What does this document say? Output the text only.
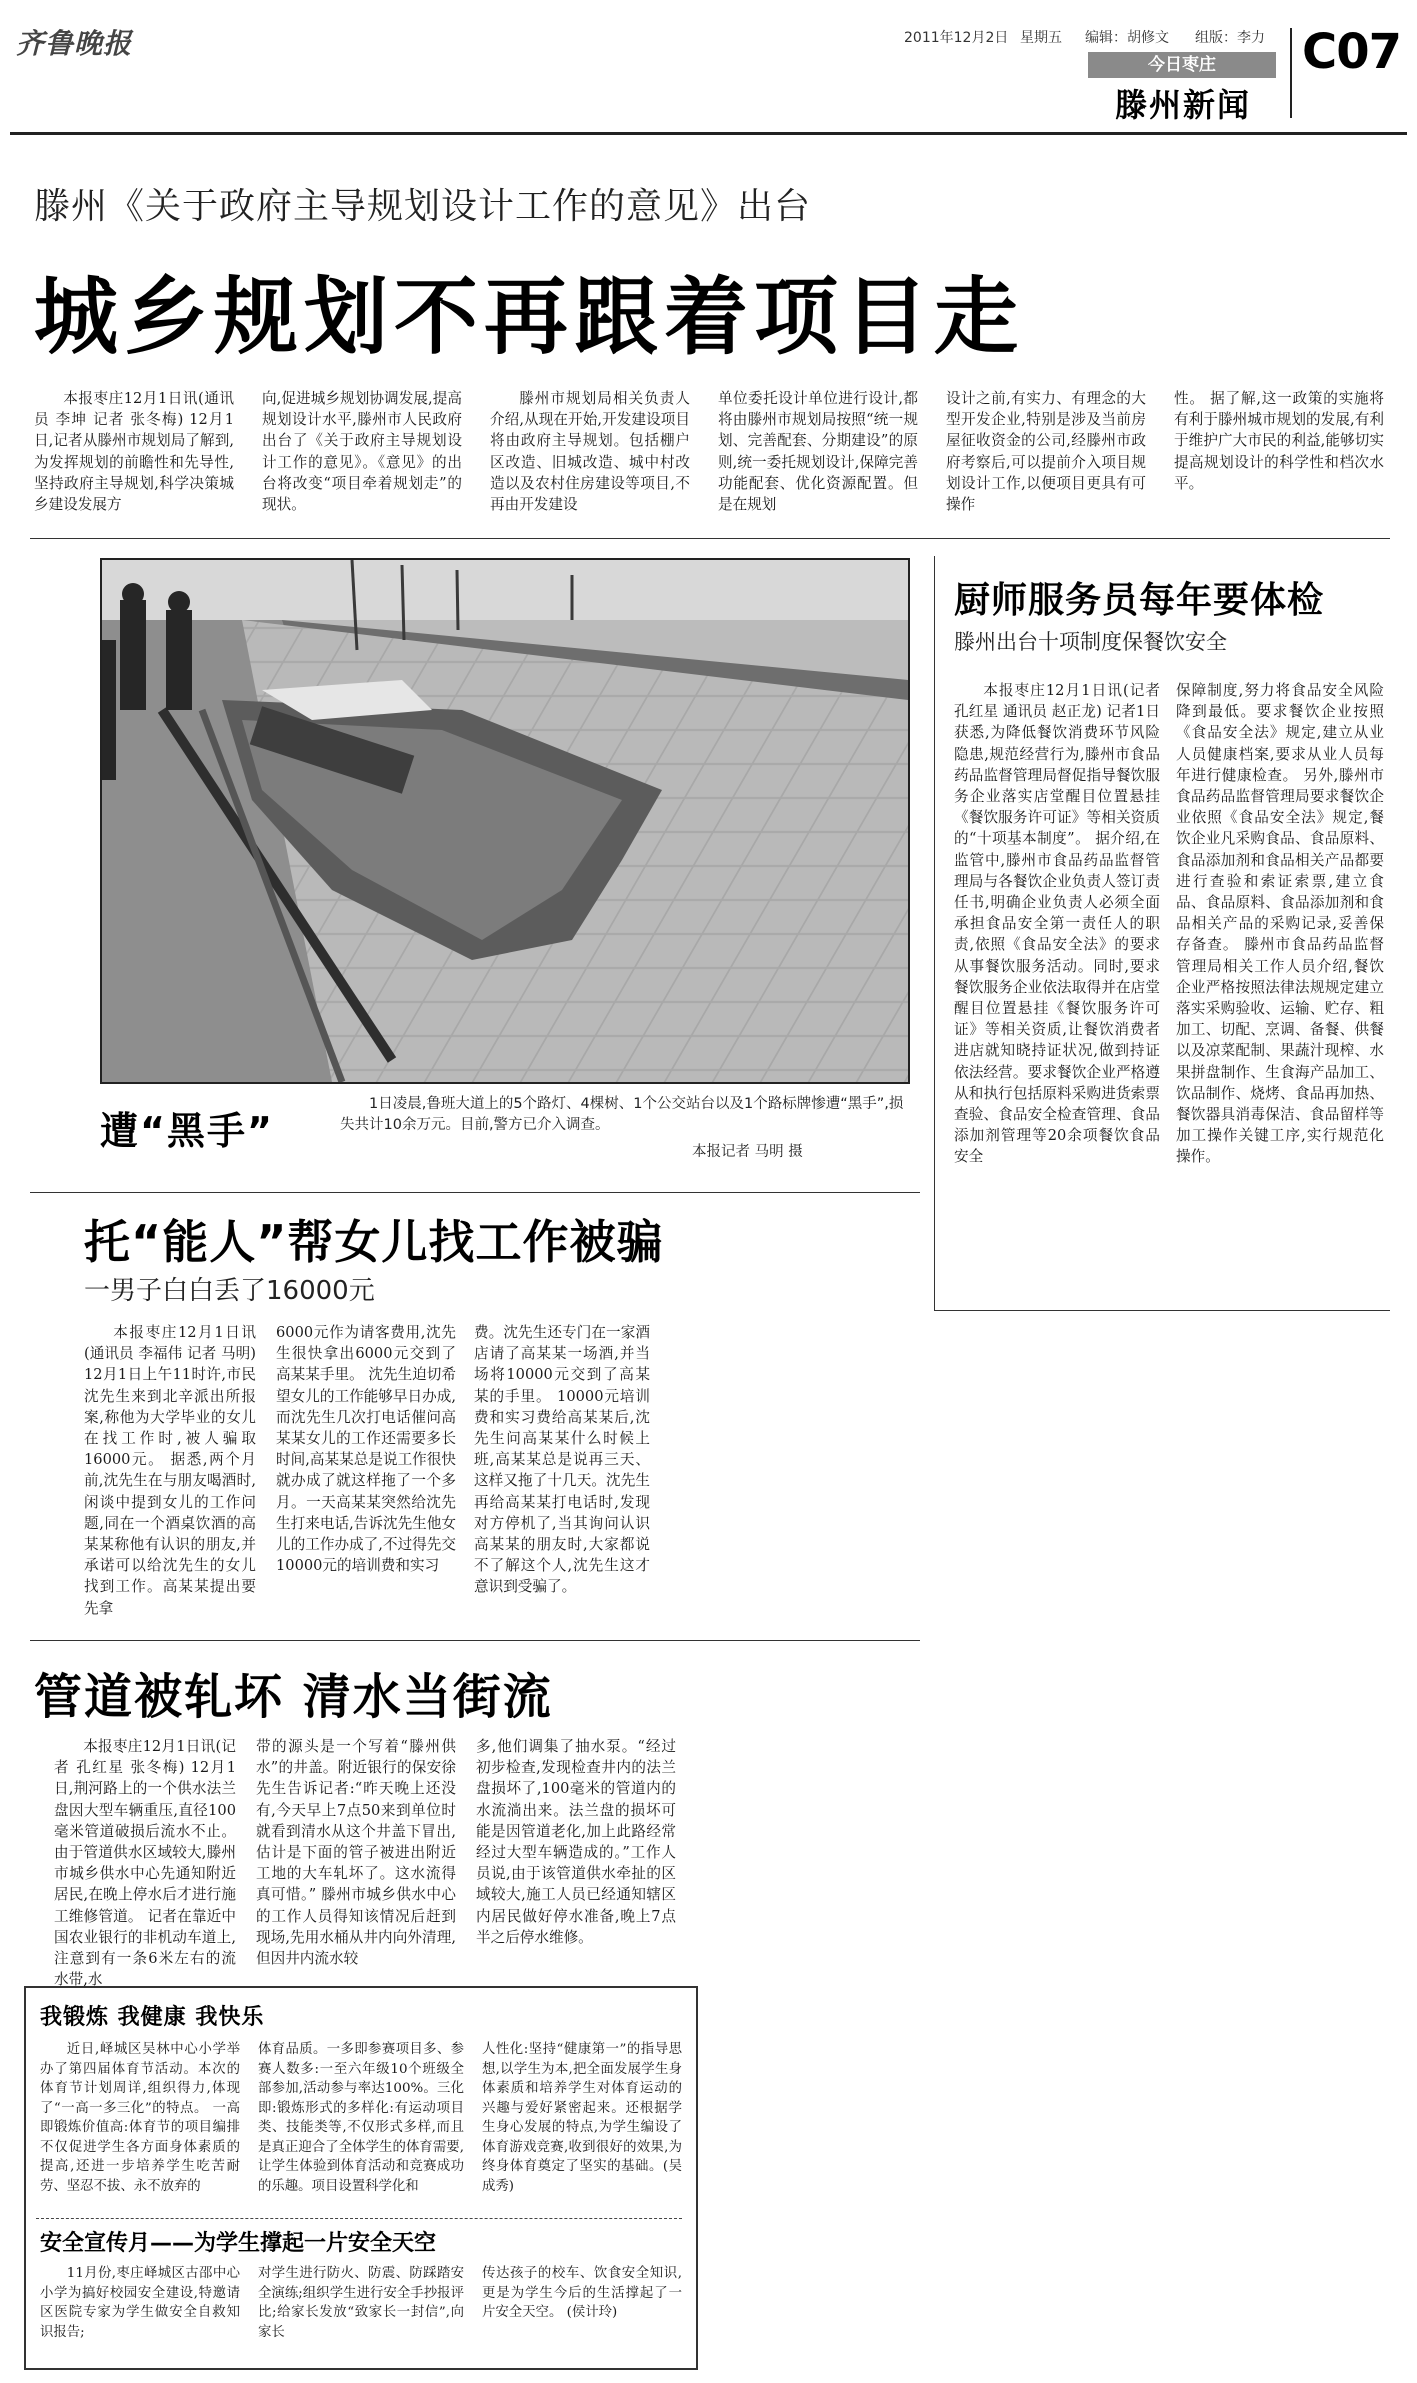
齐鲁晚报	2011年12月2日 星期五 编辑：胡修文 组版：李力
今日枣庄
滕州新闻
C07
滕州《关于政府主导规划设计工作的意见》出台
城乡规划不再跟着项目走

本报枣庄12月1日讯(通讯员 李坤 记者 张冬梅) 12月1日,记者从滕州市规划局了解到,为发挥规划的前瞻性和先导性,坚持政府主导规划,科学决策城乡建设发展方

向,促进城乡规划协调发展,提高规划设计水平,滕州市人民政府出台了《关于政府主导规划设计工作的意见》。《意见》的出台将改变“项目牵着规划走”的现状。

滕州市规划局相关负责人介绍,从现在开始,开发建设项目将由政府主导规划。包括棚户区改造、旧城改造、城中村改造以及农村住房建设等项目,不再由开发建设

单位委托设计单位进行设计,都将由滕州市规划局按照“统一规划、完善配套、分期建设”的原则,统一委托规划设计,保障完善功能配套、优化资源配置。但是在规划

设计之前,有实力、有理念的大型开发企业,特别是涉及当前房屋征收资金的公司,经滕州市政府考察后,可以提前介入项目规划设计工作,以便项目更具有可操作

性。 据了解,这一政策的实施将有利于滕州城市规划的发展,有利于维护广大市民的利益,能够切实提高规划设计的科学性和档次水平。

遭“黑手”
1日凌晨,鲁班大道上的5个路灯、4棵树、1个公交站台以及1个路标牌惨遭“黑手”,损失共计10余万元。目前,警方已介入调查。
本报记者 马明 摄
厨师服务员每年要体检
滕州出台十项制度保餐饮安全

本报枣庄12月1日讯(记者 孔红星 通讯员 赵正龙) 记者1日获悉,为降低餐饮消费环节风险隐患,规范经营行为,滕州市食品药品监督管理局督促指导餐饮服务企业落实店堂醒目位置悬挂《餐饮服务许可证》等相关资质的“十项基本制度”。 据介绍,在监管中,滕州市食品药品监督管理局与各餐饮企业负责人签订责任书,明确企业负责人必须全面承担食品安全第一责任人的职责,依照《食品安全法》的要求从事餐饮服务活动。同时,要求餐饮服务企业依法取得并在店堂醒目位置悬挂《餐饮服务许可证》等相关资质,让餐饮消费者进店就知晓持证状况,做到持证依法经营。要求餐饮企业严格遵从和执行包括原料采购进货索票查验、食品安全检查管理、食品添加剂管理等20余项餐饮食品安全

保障制度,努力将食品安全风险降到最低。要求餐饮企业按照《食品安全法》规定,建立从业人员健康档案,要求从业人员每年进行健康检查。 另外,滕州市食品药品监督管理局要求餐饮企业依照《食品安全法》规定,餐饮企业凡采购食品、食品原料、食品添加剂和食品相关产品都要进行查验和索证索票,建立食品、食品原料、食品添加剂和食品相关产品的采购记录,妥善保存备查。 滕州市食品药品监督管理局相关工作人员介绍,餐饮企业严格按照法律法规规定建立落实采购验收、运输、贮存、粗加工、切配、烹调、备餐、供餐以及凉菜配制、果蔬汁现榨、水果拼盘制作、生食海产品加工、饮品制作、烧烤、食品再加热、餐饮器具消毒保洁、食品留样等加工操作关键工序,实行规范化操作。

托“能人”帮女儿找工作被骗
一男子白白丢了16000元

本报枣庄12月1日讯(通讯员 李福伟 记者 马明) 12月1日上午11时许,市民沈先生来到北辛派出所报案,称他为大学毕业的女儿在找工作时,被人骗取16000元。 据悉,两个月前,沈先生在与朋友喝酒时,闲谈中提到女儿的工作问题,同在一个酒桌饮酒的高某某称他有认识的朋友,并承诺可以给沈先生的女儿找到工作。高某某提出要先拿

6000元作为请客费用,沈先生很快拿出6000元交到了高某某手里。 沈先生迫切希望女儿的工作能够早日办成,而沈先生几次打电话催问高某某女儿的工作还需要多长时间,高某某总是说工作很快就办成了就这样拖了一个多月。一天高某某突然给沈先生打来电话,告诉沈先生他女儿的工作办成了,不过得先交10000元的培训费和实习

费。沈先生还专门在一家酒店请了高某某一场酒,并当场将10000元交到了高某某的手里。 10000元培训费和实习费给高某某后,沈先生问高某某什么时候上班,高某某总是说再三天、这样又拖了十几天。沈先生再给高某某打电话时,发现对方停机了,当其询问认识高某某的朋友时,大家都说不了解这个人,沈先生这才意识到受骗了。

管道被轧坏 清水当街流

本报枣庄12月1日讯(记者 孔红星 张冬梅) 12月1日,荆河路上的一个供水法兰盘因大型车辆重压,直径100毫米管道破损后流水不止。由于管道供水区域较大,滕州市城乡供水中心先通知附近居民,在晚上停水后才进行施工维修管道。 记者在靠近中国农业银行的非机动车道上,注意到有一条6米左右的流水带,水

带的源头是一个写着“滕州供水”的井盖。附近银行的保安徐先生告诉记者:“昨天晚上还没有,今天早上7点50来到单位时就看到清水从这个井盖下冒出,估计是下面的管子被进出附近工地的大车轧坏了。这水流得真可惜。” 滕州市城乡供水中心的工作人员得知该情况后赶到现场,先用水桶从井内向外清理,但因井内流水较

多,他们调集了抽水泵。“经过初步检查,发现检查井内的法兰盘损坏了,100毫米的管道内的水流淌出来。法兰盘的损坏可能是因管道老化,加上此路经常经过大型车辆造成的。”工作人员说,由于该管道供水牵扯的区域较大,施工人员已经通知辖区内居民做好停水准备,晚上7点半之后停水维修。

我锻炼 我健康 我快乐

近日,峄城区吴林中心小学举办了第四届体育节活动。本次的体育节计划周详,组织得力,体现了“一高一多三化”的特点。 一高即锻炼价值高:体育节的项目编排不仅促进学生各方面身体素质的提高,还进一步培养学生吃苦耐劳、坚忍不拔、永不放弃的

体育品质。一多即参赛项目多、参赛人数多:一至六年级10个班级全部参加,活动参与率达100%。三化即:锻炼形式的多样化:有运动项目类、技能类等,不仅形式多样,而且是真正迎合了全体学生的体育需要,让学生体验到体育活动和竞赛成功的乐趣。项目设置科学化和

人性化:坚持“健康第一”的指导思想,以学生为本,把全面发展学生身体素质和培养学生对体育运动的兴趣与爱好紧密起来。还根据学生身心发展的特点,为学生编设了体育游戏竞赛,收到很好的效果,为终身体育奠定了坚实的基础。(吴成秀)

安全宣传月——为学生撑起一片安全天空

11月份,枣庄峄城区古邵中心小学为搞好校园安全建设,特邀请区医院专家为学生做安全自救知识报告;

对学生进行防火、防震、防踩踏安全演练;组织学生进行安全手抄报评比;给家长发放“致家长一封信”,向家长

传达孩子的校车、饮食安全知识,更是为学生今后的生活撑起了一片安全天空。 (侯计玲)
